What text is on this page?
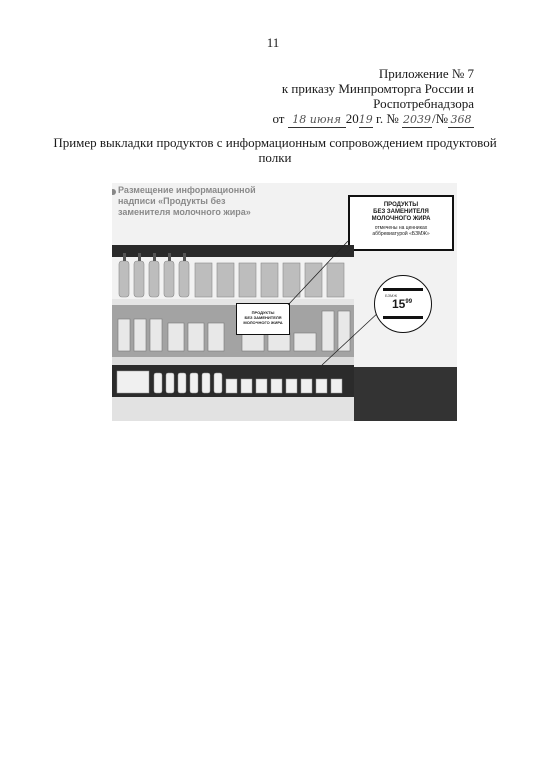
11
Приложение № 7
к приказу Минпромторга России и
Роспотребнадзора
от 18 июня 2019 г. № 2039/№ 368
Пример выкладки продуктов с информационным сопровождением продуктовой
полки
Размещение информационной
надписи «Продукты без
заменителя молочного жира»
ПРОДУКТЫ
БЕЗ ЗАМЕНИТЕЛЯ
МОЛОЧНОГО ЖИРА
отмечены на ценниках
аббревиатурой «БЗМЖ»
ПРОДУКТЫ
БЕЗ ЗАМЕНИТЕЛЯ
МОЛОЧНОГО ЖИРА
БЗМЖ
$15^{99}$
